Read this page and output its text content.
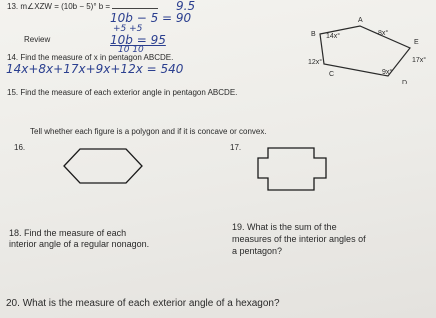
13. m∠XZW = (10b − 5)° b =	9.5
10b − 5 = 90
+5 +5
10b = 95
10 10
Review
14. Find the measure of x in pentagon ABCDE.
14x+8x+17x+9x+12x = 540
A
B
C
D
E
14x°	8x°
17x°
12x°
9x°
15. Find the measure of each exterior angle in pentagon ABCDE.
Tell whether each figure is a polygon and if it is concave or convex.
16.	17.
18. Find the measure of each
interior angle of a regular nonagon.
19. What is the sum of the
measures of the interior angles of
a pentagon?
20. What is the measure of each exterior angle of a hexagon?
